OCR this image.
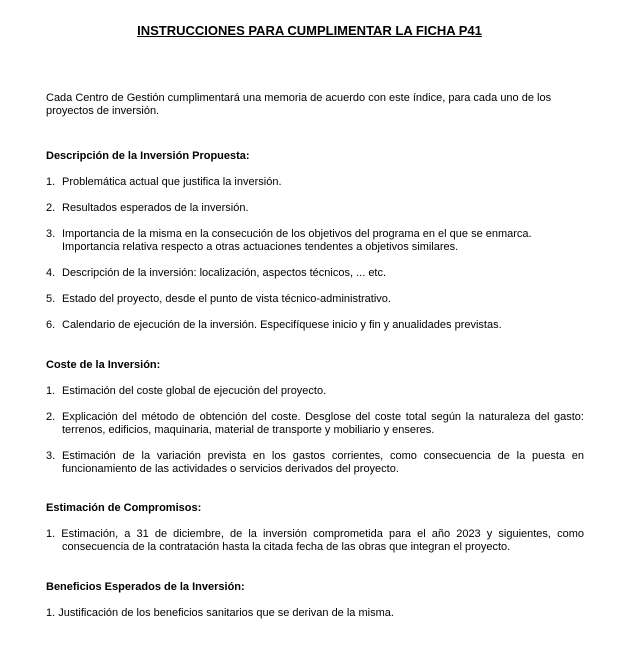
INSTRUCCIONES PARA CUMPLIMENTAR LA FICHA P41

Cada Centro de Gestión cumplimentará una memoria de acuerdo con este índice, para cada uno de los proyectos de inversión.

Descripción de la Inversión Propuesta:

1. Problemática actual que justifica la inversión.

2. Resultados esperados de la inversión.

3. Importancia de la misma en la consecución de los objetivos del programa en el que se enmarca. Importancia relativa respecto a otras actuaciones tendentes a objetivos similares.

4. Descripción de la inversión: localización, aspectos técnicos, ... etc.

5. Estado del proyecto, desde el punto de vista técnico-administrativo.

6. Calendario de ejecución de la inversión. Especifíquese inicio y fin y anualidades previstas.

Coste de la Inversión:

1. Estimación del coste global de ejecución del proyecto.

2. Explicación del método de obtención del coste. Desglose del coste total según la naturaleza del gasto: terrenos, edificios, maquinaria, material de transporte y mobiliario y enseres.

3. Estimación de la variación prevista en los gastos corrientes, como consecuencia de la puesta en funcionamiento de las actividades o servicios derivados del proyecto.

Estimación de Compromisos:

1. Estimación, a 31 de diciembre, de la inversión comprometida para el año 2023 y siguientes, como consecuencia de la contratación hasta la citada fecha de las obras que integran el proyecto.

Beneficios Esperados de la Inversión:

1. Justificación de los beneficios sanitarios que se derivan de la misma.
